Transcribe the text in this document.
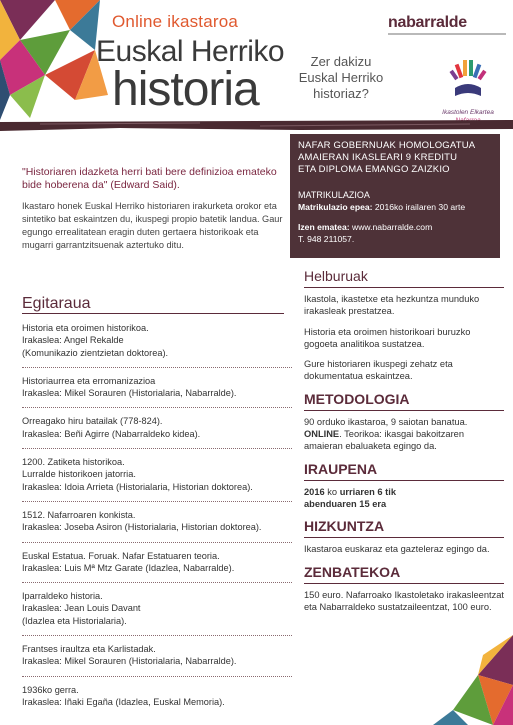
Online ikastaroa
Euskal Herriko
historia
Zer dakizu
Euskal Herriko
historiaz?
nabarralde
Ikastolen Elkartea
"Historiaren idazketa herri bati bere definizioa emateko bide hoberena da" (Edward Said).
Ikastaro honek Euskal Herriko historiaren irakurketa orokor eta sintetiko bat eskaintzen du, ikuspegi propio batetik landua. Gaur egungo errealitatean eragin duten gertaera historikoak eta mugarri garrantzitsuenak aztertuko ditu.
NAFAR GOBERNUAK HOMOLOGATUA
AMAIERAN IKASLEARI 9 KREDITU
ETA DIPLOMA EMANGO ZAIZKIO
MATRIKULAZIOA
Matrikulazio epea: 2016ko irailaren 30 arte
Izen ematea: www.nabarralde.com
T. 948 211057.
Egitaraua
Historia eta oroimen historikoa.
Irakaslea: Angel Rekalde
(Komunikazio zientzietan doktorea).
Historiaurrea eta erromanizazioa
Irakaslea: Mikel Sorauren (Historialaria, Nabarralde).
Orreagako hiru batailak (778-824).
Irakaslea: Beñi Agirre (Nabarraldeko kidea).
1200. Zatiketa historikoa.
Lurralde historikoen jatorria.
Irakaslea: Idoia Arrieta (Historialaria, Historian doktorea).
1512. Nafarroaren konkista.
Irakaslea: Joseba Asiron (Historialaria, Historian doktorea).
Euskal Estatua. Foruak. Nafar Estatuaren teoria.
Irakaslea: Luis Mª Mtz Garate (Idazlea, Nabarralde).
Iparraldeko historia.
Irakaslea: Jean Louis Davant
(Idazlea eta Historialaria).
Frantses iraultza eta Karlistadak.
Irakaslea: Mikel Sorauren (Historialaria, Nabarralde).
1936ko gerra.
Irakaslea: Iñaki Egaña (Idazlea, Euskal Memoria).
Helburuak
Ikastola, ikastetxe eta hezkuntza munduko irakasleak prestatzea.
Historia eta oroimen historikoari buruzko gogoeta analitikoa sustatzea.
Gure historiaren ikuspegi zehatz eta dokumentatua eskaintzea.
METODOLOGIA
90 orduko ikastaroa, 9 saiotan banatua. ONLINE. Teorikoa: ikasgai bakoitzaren amaieran ebaluaketa egingo da.
IRAUPENA
2016 ko urriaren 6 tik
abenduaren 15 era
HIZKUNTZA
Ikastaroa euskaraz eta gazteleraz egingo da.
ZENBATEKOA
150 euro. Nafarroako Ikastoletako irakasleentzat eta Nabarraldeko sustatzaileentzat, 100 euro.
